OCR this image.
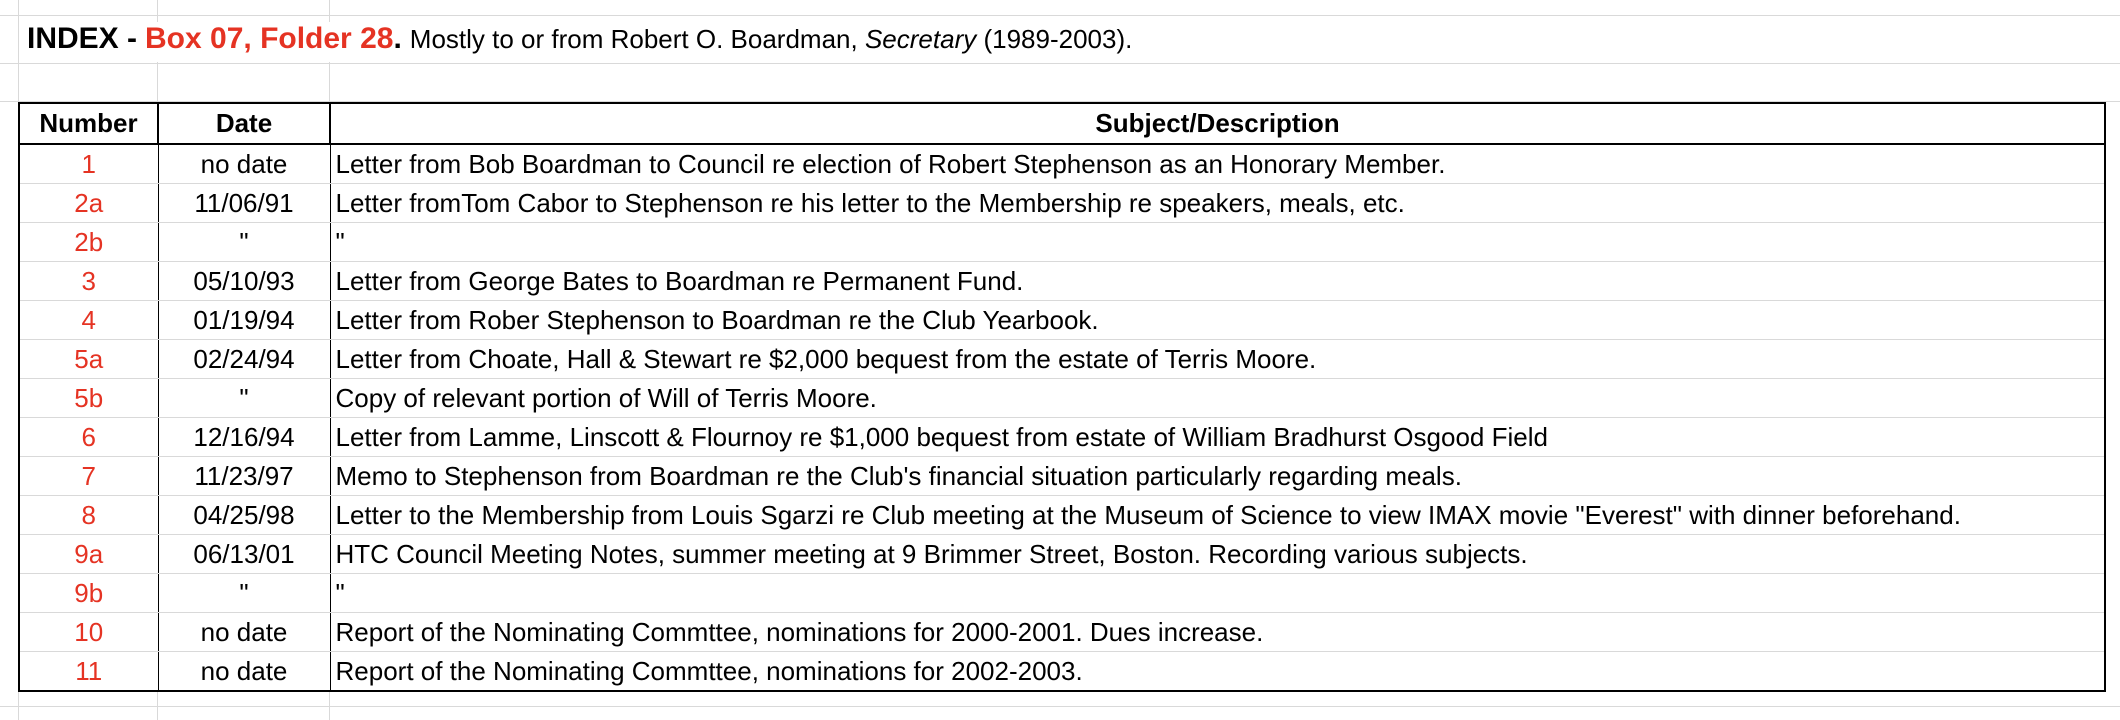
INDEX - Box 07, Folder 28 . Mostly to or from Robert O. Boardman, Secretary (1989-2003).
Number	Date	Subject/Description
1	no date	Letter from Bob Boardman to Council re election of Robert Stephenson as an Honorary Member.
2a	11/06/91	Letter fromTom Cabor to Stephenson re his letter to the Membership re speakers, meals, etc.
2b	"	"
3	05/10/93	Letter from George Bates to Boardman re Permanent Fund.
4	01/19/94	Letter from Rober Stephenson to Boardman re the Club Yearbook.
5a	02/24/94	Letter from Choate, Hall & Stewart re $2,000 bequest from the estate of Terris Moore.
5b	"	Copy of relevant portion of Will of Terris Moore.
6	12/16/94	Letter from Lamme, Linscott & Flournoy re $1,000 bequest from estate of William Bradhurst Osgood Field
7	11/23/97	Memo to Stephenson from Boardman re the Club's financial situation particularly regarding meals.
8	04/25/98	Letter to the Membership from Louis Sgarzi re Club meeting at the Museum of Science to view IMAX movie "Everest" with dinner beforehand.
9a	06/13/01	HTC Council Meeting Notes, summer meeting at 9 Brimmer Street, Boston. Recording various subjects.
9b	"	"
10	no date	Report of the Nominating Commttee, nominations for 2000-2001. Dues increase.
11	no date	Report of the Nominating Commttee, nominations for 2002-2003.
